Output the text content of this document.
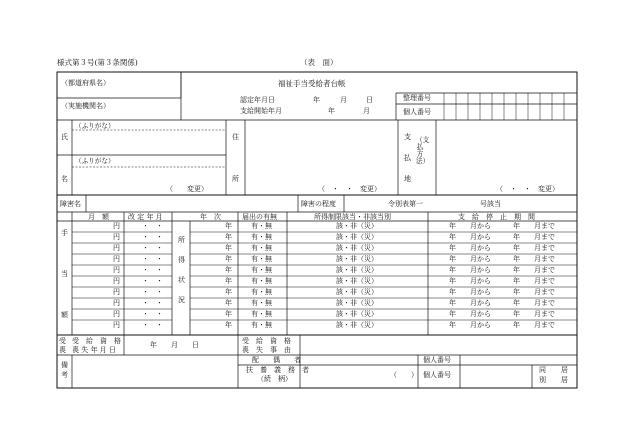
様式第３号(第３条関係)	（表　面）
（都道府県名）	福祉手当受給者台帳
（実施機関名）
認定年月日	年	月	日
支給開始年月	年	月
整理番号
個人番号
氏
名
（ふりがな）
（ふりがな）
（　　変更）
住
所
（　・　・　変更）
支
払
地
（支払方法）
（　・　・　変更）
障害名	障害の程度	令別表第一	号該当
月　額	改 定 年 月	年　次	届出の有無	所得制限該当・非該当別	支　給　停　止　期　間
手
当
額
所
得
状
況
円	・　・	年	有・無	該・非（災）	年　　月から	年　　月まで
円	・　・	年	有・無	該・非（災）	年　　月から	年　　月まで
円	・　・	年	有・無	該・非（災）	年　　月から	年　　月まで
円	・　・	年	有・無	該・非（災）	年　　月から	年　　月まで
円	・　・	年	有・無	該・非（災）	年　　月から	年　　月まで
円	・　・	年	有・無	該・非（災）	年　　月から	年　　月まで
円	・　・	年	有・無	該・非（災）	年　　月から	年　　月まで
円	・　・	年	有・無	該・非（災）	年　　月から	年　　月まで
円	・　・	年	有・無	該・非（災）	年　　月から	年　　月まで
円	・　・	年	有・無	該・非（災）	年　　月から	年　　月まで
受
喪
受　給　資　格
喪 失 年 月 日
年　　月　　日	受　給　資　格
喪　失　事　由
備
考
配　　偶　　者
扶　養　義　務　者
（続　柄）	（　　）
個人番号
個人番号
同
別
居
居
